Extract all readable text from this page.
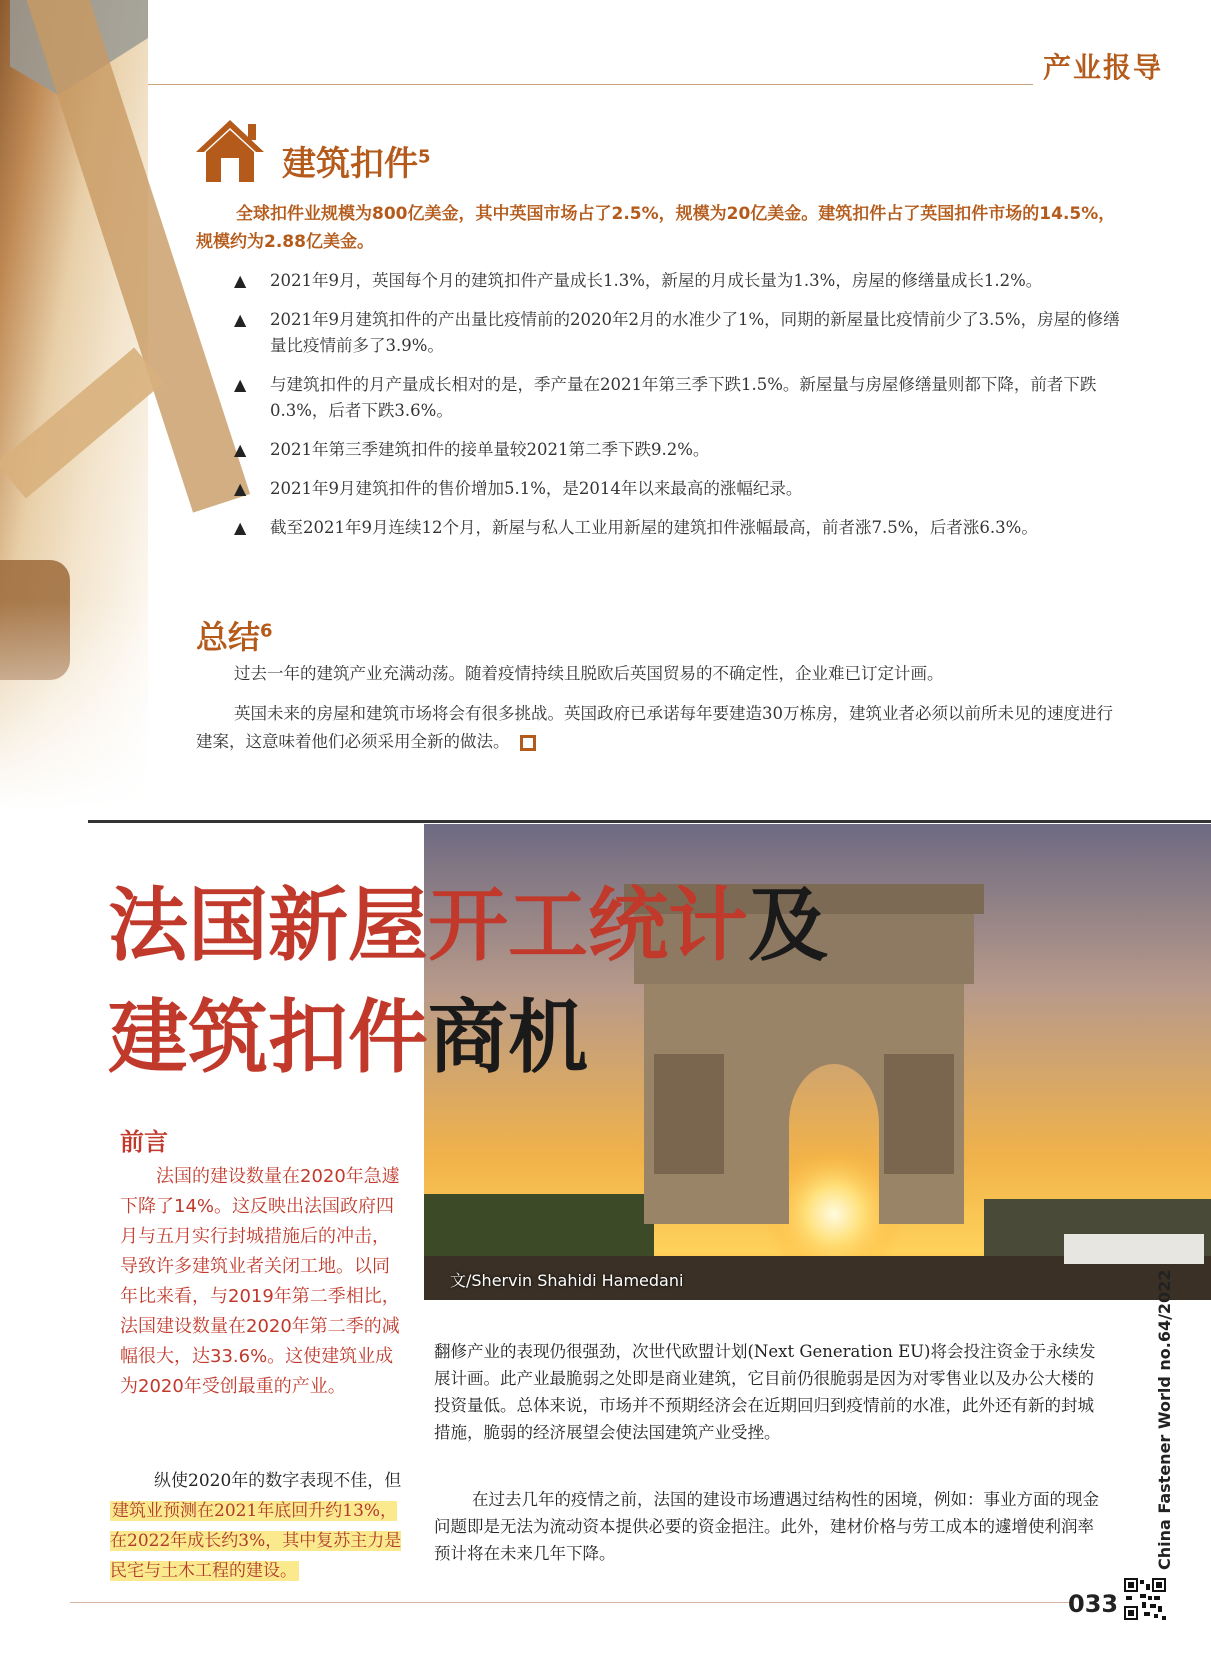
产业报导
建筑扣件$^5$

全球扣件业规模为800亿美金，其中英国市场占了2.5%，规模为20亿美金。建筑扣件占了英国扣件市场的14.5%，规模约为2.88亿美金。

▲ 2021年9月，英国每个月的建筑扣件产量成长1.3%，新屋的月成长量为1.3%，房屋的修缮量成长1.2%。
▲ 2021年9月建筑扣件的产出量比疫情前的2020年2月的水准少了1%，同期的新屋量比疫情前少了3.5%，房屋的修缮量比疫情前多了3.9%。
▲ 与建筑扣件的月产量成长相对的是，季产量在2021年第三季下跌1.5%。新屋量与房屋修缮量则都下降，前者下跌0.3%，后者下跌3.6%。
▲ 2021年第三季建筑扣件的接单量较2021第二季下跌9.2%。
▲ 2021年9月建筑扣件的售价增加5.1%，是2014年以来最高的涨幅纪录。
▲ 截至2021年9月连续12个月，新屋与私人工业用新屋的建筑扣件涨幅最高，前者涨7.5%，后者涨6.3%。
总结$^6$

过去一年的建筑产业充满动荡。随着疫情持续且脱欧后英国贸易的不确定性，企业难已订定计画。

英国未来的房屋和建筑市场将会有很多挑战。英国政府已承诺每年要建造30万栋房，建筑业者必须以前所未见的速度进行建案，这意味着他们必须采用全新的做法。

文/Shervin Shahidi Hamedani
法国新屋开工统计及
建筑扣件商机
前言

法国的建设数量在2020年急遽下降了14%。这反映出法国政府四月与五月实行封城措施后的冲击，导致许多建筑业者关闭工地。以同年比来看，与2019年第二季相比，法国建设数量在2020年第二季的减幅很大，达33.6%。这使建筑业成为2020年受创最重的产业。

纵使2020年的数字表现不佳，但建筑业预测在2021年底回升约13%，在2022年成长约3%，其中复苏主力是民宅与土木工程的建设。

翻修产业的表现仍很强劲，次世代欧盟计划(Next Generation EU)将会投注资金于永续发展计画。此产业最脆弱之处即是商业建筑，它目前仍很脆弱是因为对零售业以及办公大楼的投资量低。总体来说，市场并不预期经济会在近期回归到疫情前的水准，此外还有新的封城措施，脆弱的经济展望会使法国建筑产业受挫。

在过去几年的疫情之前，法国的建设市场遭遇过结构性的困境，例如：事业方面的现金问题即是无法为流动资本提供必要的资金挹注。此外，建材价格与劳工成本的遽增使利润率预计将在未来几年下降。	China Fastener World no.64/2022
033
